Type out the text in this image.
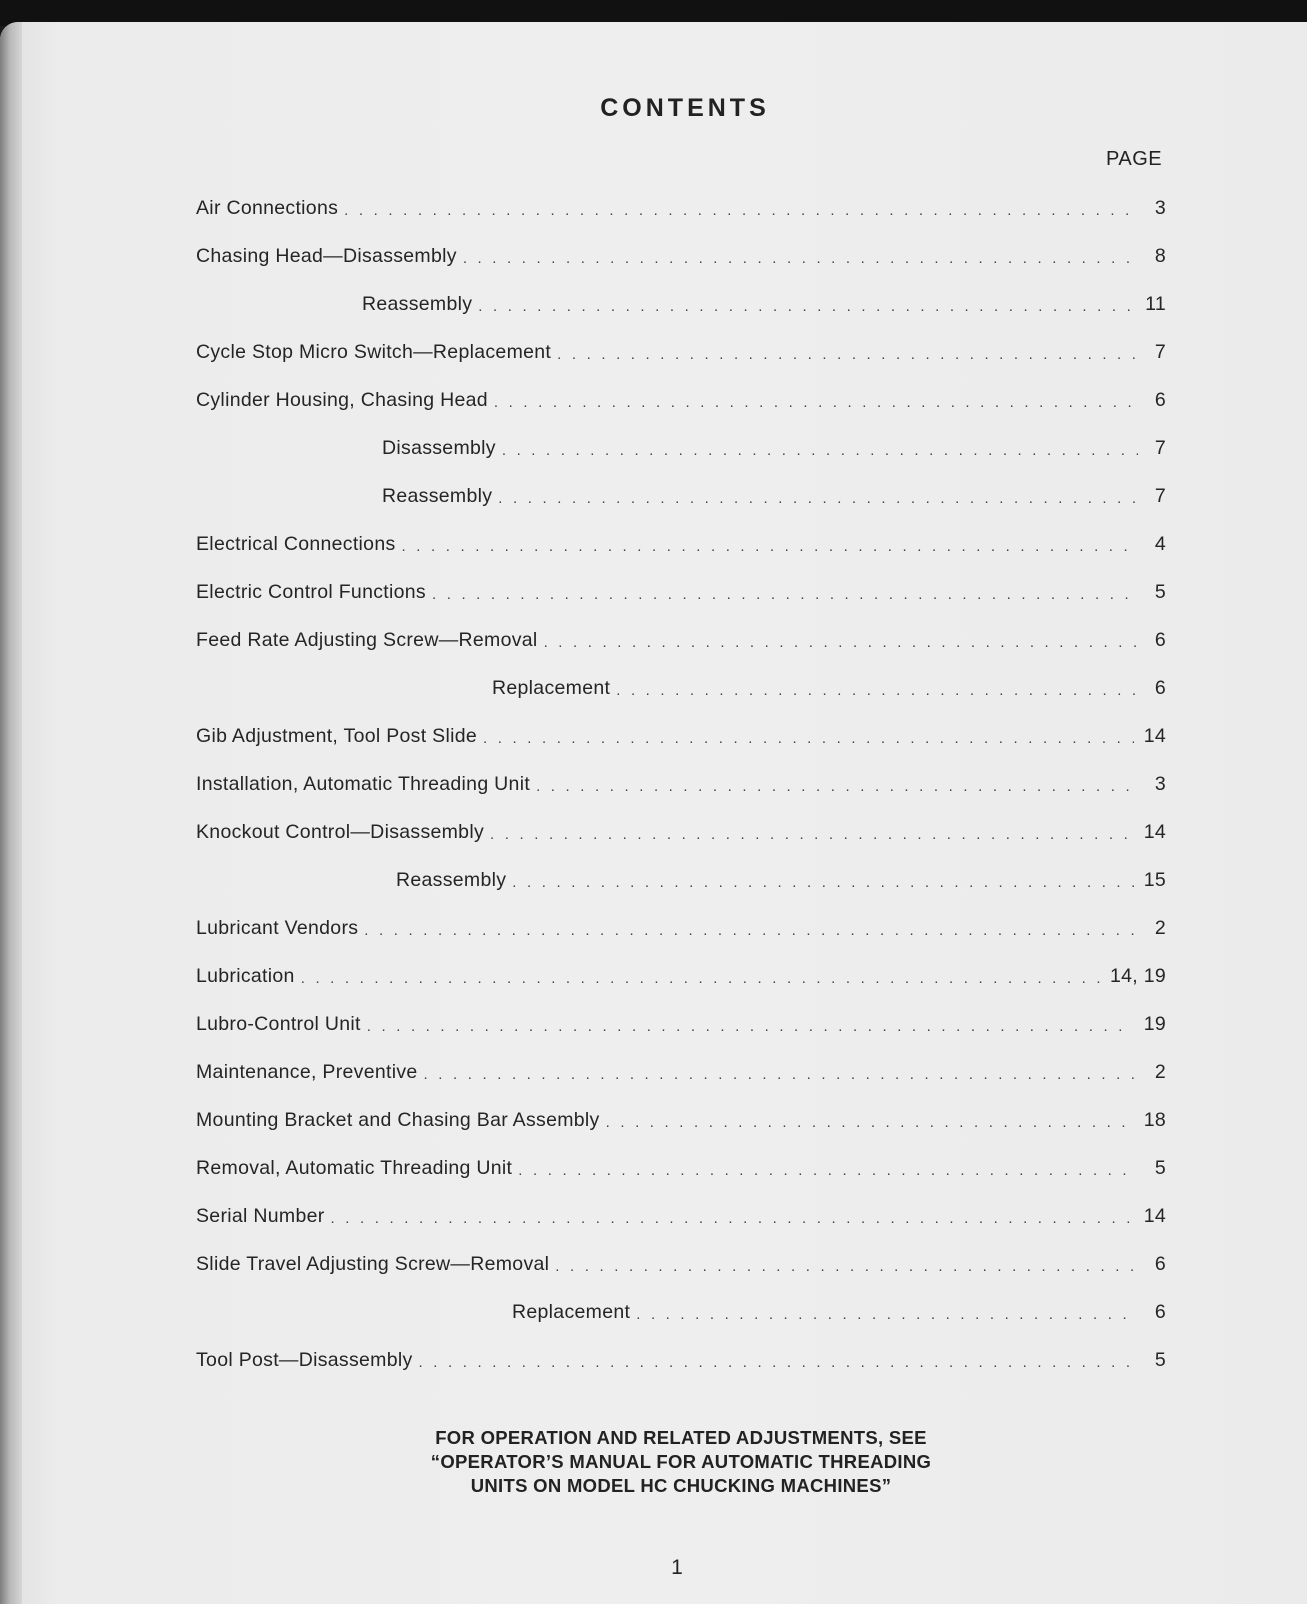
CONTENTS
PAGE
Air Connections . . .	3
Chasing Head—Disassembly . . .	8
Reassembly . . .	11
Cycle Stop Micro Switch—Replacement . . .	7
Cylinder Housing, Chasing Head . . .	6
Disassembly . . .	7
Reassembly . . .	7
Electrical Connections . . .	4
Electric Control Functions . . .	5
Feed Rate Adjusting Screw—Removal . . .	6
Replacement . . .	6
Gib Adjustment, Tool Post Slide . . .	14
Installation, Automatic Threading Unit . . .	3
Knockout Control—Disassembly . . .	14
Reassembly . . .	15
Lubricant Vendors . . .	2
Lubrication . . .	14, 19
Lubro-Control Unit . . .	19
Maintenance, Preventive . . .	2
Mounting Bracket and Chasing Bar Assembly . . .	18
Removal, Automatic Threading Unit . . .	5
Serial Number . . .	14
Slide Travel Adjusting Screw—Removal . . .	6
Replacement . . .	6
Tool Post—Disassembly . . .	5
FOR OPERATION AND RELATED ADJUSTMENTS, SEE
“OPERATOR’S MANUAL FOR AUTOMATIC THREADING
UNITS ON MODEL HC CHUCKING MACHINES”
1
